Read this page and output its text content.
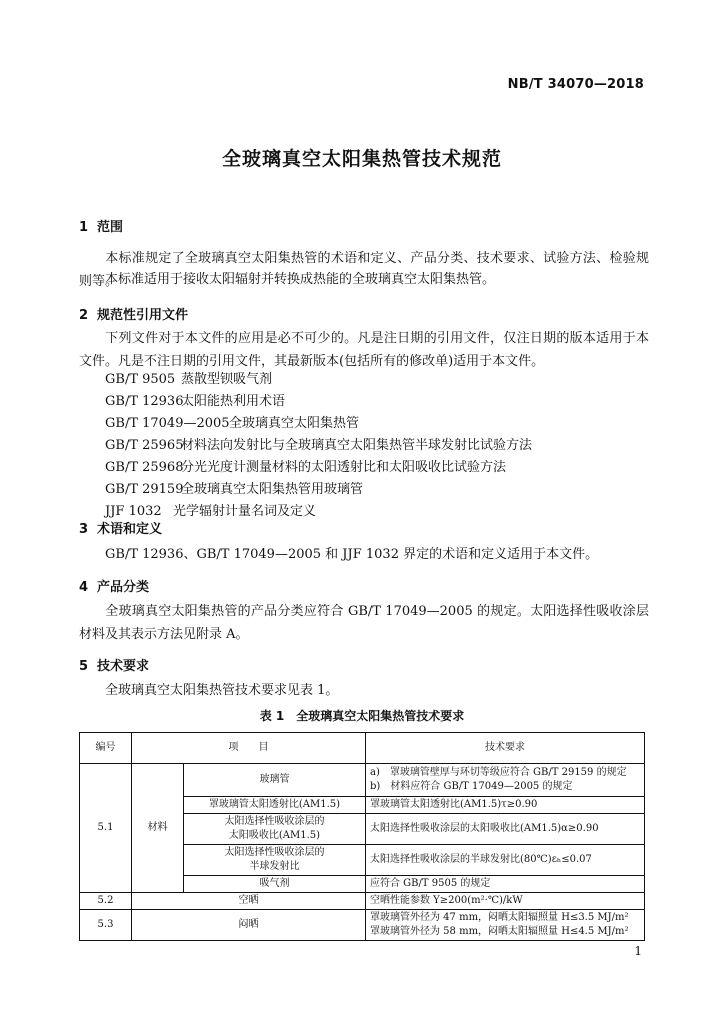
NB/T 34070—2018
全玻璃真空太阳集热管技术规范
1 范围
本标准规定了全玻璃真空太阳集热管的术语和定义、产品分类、技术要求、试验方法、检验规则等。
本标准适用于接收太阳辐射并转换成热能的全玻璃真空太阳集热管。
2 规范性引用文件
下列文件对于本文件的应用是必不可少的。凡是注日期的引用文件，仅注日期的版本适用于本文件。凡是不注日期的引用文件，其最新版本(包括所有的修改单)适用于本文件。
GB/T 9505 蒸散型钡吸气剂
GB/T 12936太阳能热利用术语
GB/T 17049—2005全玻璃真空太阳集热管
GB/T 25965材料法向发射比与全玻璃真空太阳集热管半球发射比试验方法
GB/T 25968分光光度计测量材料的太阳透射比和太阳吸收比试验方法
GB/T 29159全玻璃真空太阳集热管用玻璃管
JJF 1032 光学辐射计量名词及定义
3 术语和定义
GB/T 12936、GB/T 17049—2005 和 JJF 1032 界定的术语和定义适用于本文件。
4 产品分类
全玻璃真空太阳集热管的产品分类应符合 GB/T 17049—2005 的规定。太阳选择性吸收涂层材料及其表示方法见附录 A。
5 技术要求
全玻璃真空太阳集热管技术要求见表 1。
表 1　全玻璃真空太阳集热管技术要求
编号	项　　目		技术要求
5.1	材料	玻璃管	a)　罩玻璃管壁厚与环切等级应符合 GB/T 29159 的规定
b)　材料应符合 GB/T 17049—2005 的规定

		罩玻璃管太阳透射比(AM1.5)	罩玻璃管太阳透射比(AM1.5)τ≥0.90

		太阳选择性吸收涂层的
太阳吸收比(AM1.5)	太阳选择性吸收涂层的太阳吸收比(AM1.5)α≥0.90

		太阳选择性吸收涂层的
半球发射比	太阳选择性吸收涂层的半球发射比(80℃)εₕ≤0.07
		吸气剂	应符合 GB/T 9505 的规定
5.2	空晒		空晒性能参数 Y≥200(m²·℃)/kW
5.3	闷晒		罩玻璃管外径为 47 mm，闷晒太阳辐照量 H≤3.5 MJ/m²
罩玻璃管外径为 58 mm，闷晒太阳辐照量 H≤4.5 MJ/m²
1
